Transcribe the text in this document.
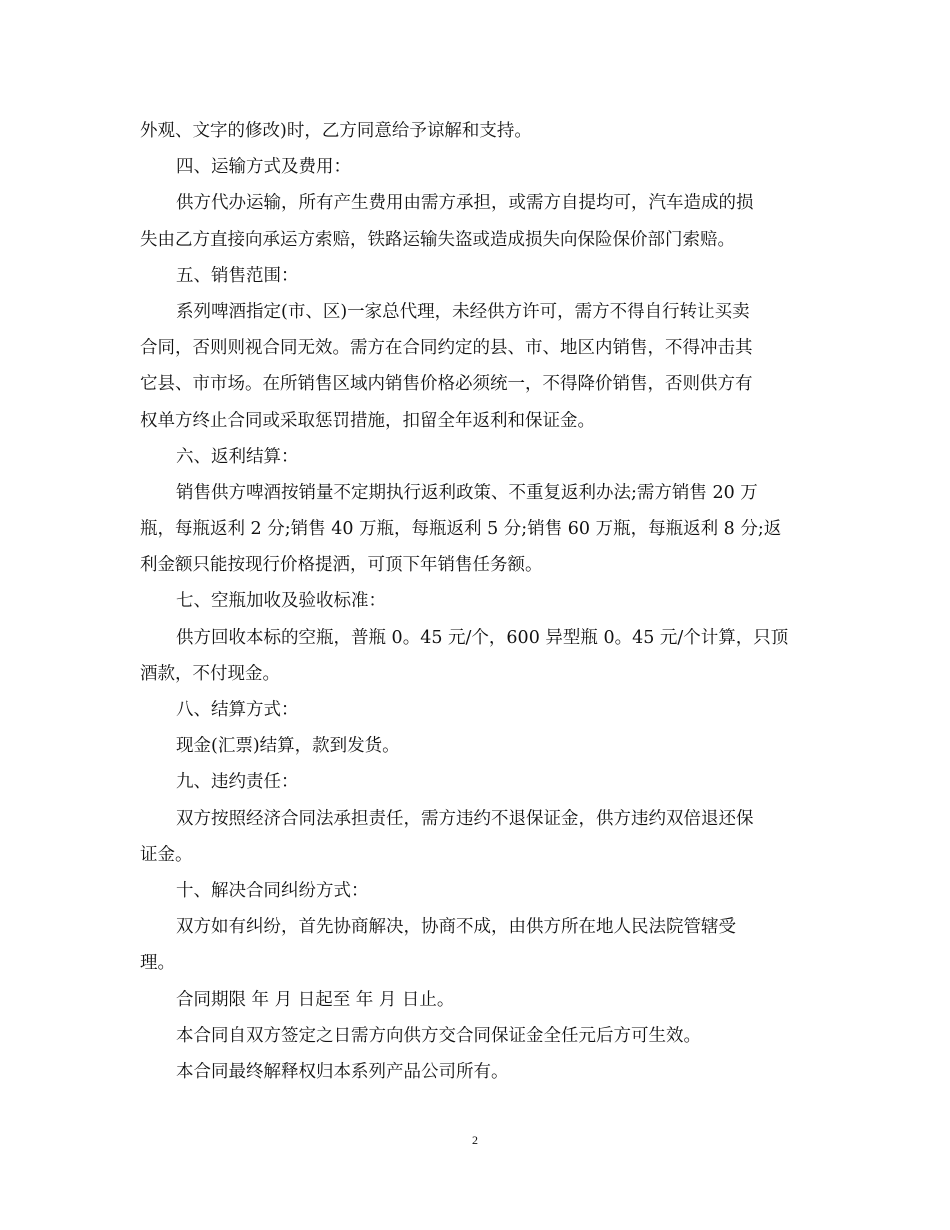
外观、文字的修改)时，乙方同意给予谅解和支持。
四、运输方式及费用：
供方代办运输，所有产生费用由需方承担，或需方自提均可，汽车造成的损
失由乙方直接向承运方索赔，铁路运输失盗或造成损失向保险保价部门索赔。
五、销售范围：
系列啤酒指定(市、区)一家总代理，未经供方许可，需方不得自行转让买卖
合同，否则则视合同无效。需方在合同约定的县、市、地区内销售，不得冲击其
它县、市市场。在所销售区域内销售价格必须统一，不得降价销售，否则供方有
权单方终止合同或采取惩罚措施，扣留全年返利和保证金。
六、返利结算：
销售供方啤酒按销量不定期执行返利政策、不重复返利办法;需方销售 20 万
瓶，每瓶返利 2 分;销售 40 万瓶，每瓶返利 5 分;销售 60 万瓶，每瓶返利 8 分;返
利金额只能按现行价格提洒，可顶下年销售任务额。
七、空瓶加收及验收标准：
供方回收本标的空瓶，普瓶 0。45 元/个，600 异型瓶 0。45 元/个计算，只顶
酒款，不付现金。
八、结算方式：
现金(汇票)结算，款到发货。
九、违约责任：
双方按照经济合同法承担责任，需方违约不退保证金，供方违约双倍退还保
证金。
十、解决合同纠纷方式：
双方如有纠纷，首先协商解决，协商不成，由供方所在地人民法院管辖受
理。
合同期限 年 月 日起至 年 月 日止。
本合同自双方签定之日需方向供方交合同保证金全任元后方可生效。
本合同最终解释权归本系列产品公司所有。
2
